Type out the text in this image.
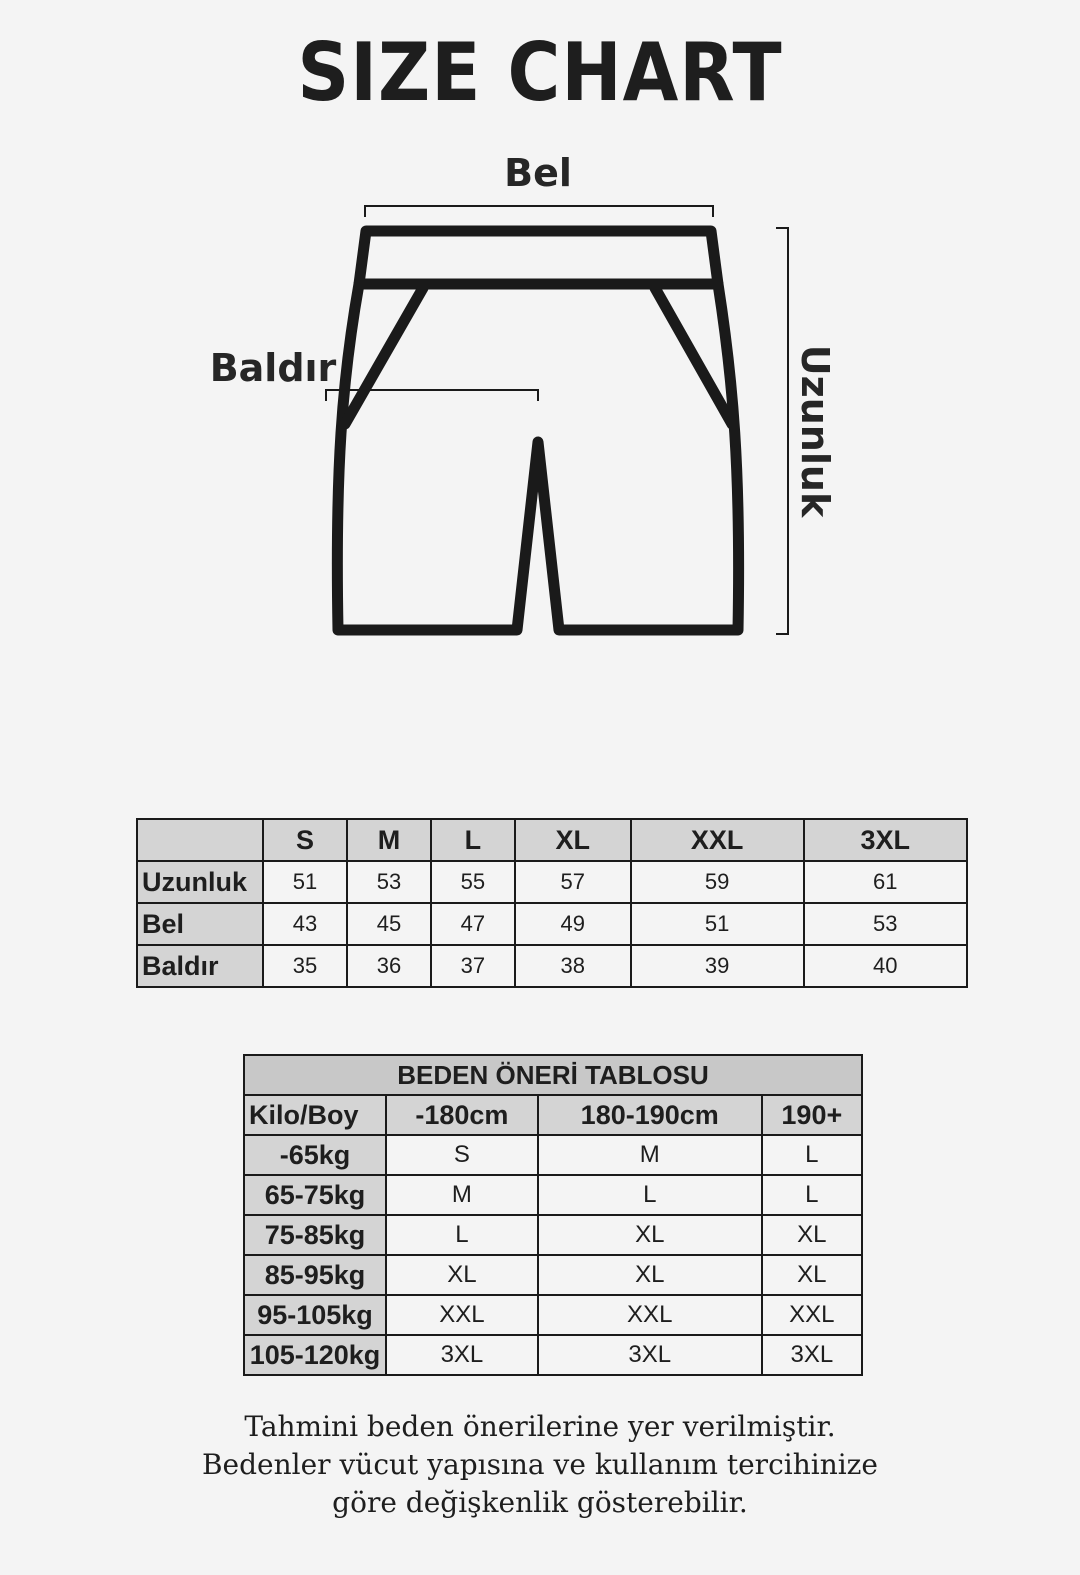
SIZE CHART
Bel
Uzunluk
Baldır
	S	M	L	XL	XXL	3XL
Uzunluk	51	53	55	57	59	61
Bel	43	45	47	49	51	53
Baldır	35	36	37	38	39	40
BEDEN ÖNERİ TABLOSU			
Kilo/Boy	-180cm	180-190cm	190+
-65kg	S	M	L
65-75kg	M	L	L
75-85kg	L	XL	XL
85-95kg	XL	XL	XL
95-105kg	XXL	XXL	XXL
105-120kg	3XL	3XL	3XL
Tahmini beden önerilerine yer verilmiştir.
Bedenler vücut yapısına ve kullanım tercihinize
göre değişkenlik gösterebilir.
